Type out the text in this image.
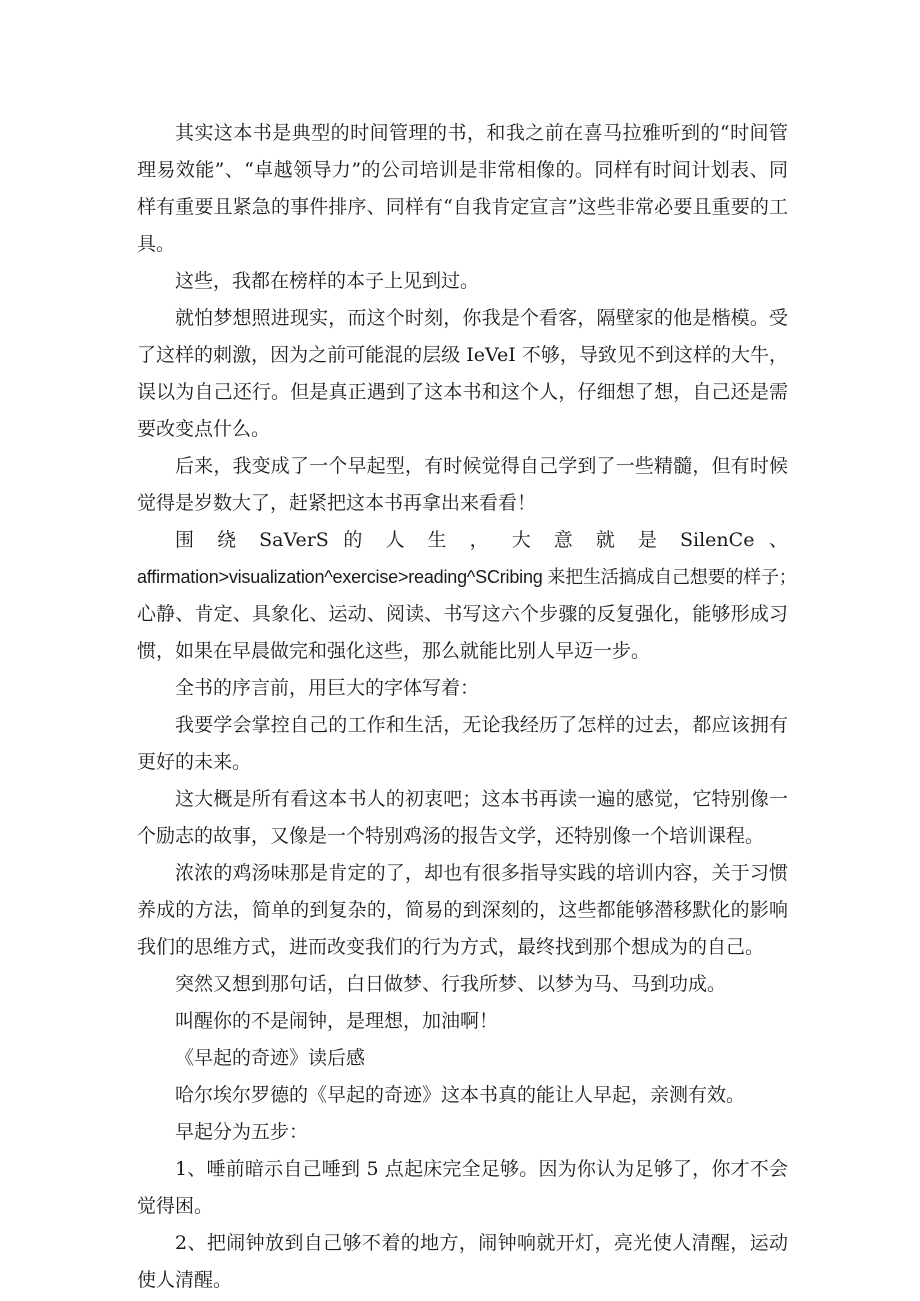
其实这本书是典型的时间管理的书，和我之前在喜马拉雅听到的“时间管理易效能”、“卓越领导力”的公司培训是非常相像的。同样有时间计划表、同样有重要且紧急的事件排序、同样有“自我肯定宣言”这些非常必要且重要的工具。

这些，我都在榜样的本子上见到过。

就怕梦想照进现实，而这个时刻，你我是个看客，隔壁家的他是楷模。受了这样的刺激，因为之前可能混的层级 IeVeI 不够，导致见不到这样的大牛，误以为自己还行。但是真正遇到了这本书和这个人，仔细想了想，自己还是需要改变点什么。

后来，我变成了一个早起型，有时候觉得自己学到了一些精髓，但有时候觉得是岁数大了，赶紧把这本书再拿出来看看！

围 绕 SaVerS 的 人 生 ， 大 意 就 是 SilenCe 、

affirmation>visualization^exercise>reading^SCribing 来把生活搞成自己想要的样子；

心静、肯定、具象化、运动、阅读、书写这六个步骤的反复强化，能够形成习惯，如果在早晨做完和强化这些，那么就能比别人早迈一步。

全书的序言前，用巨大的字体写着：

我要学会掌控自己的工作和生活，无论我经历了怎样的过去，都应该拥有更好的未来。

这大概是所有看这本书人的初衷吧；这本书再读一遍的感觉，它特别像一个励志的故事，又像是一个特别鸡汤的报告文学，还特别像一个培训课程。

浓浓的鸡汤味那是肯定的了，却也有很多指导实践的培训内容，关于习惯养成的方法，简单的到复杂的，简易的到深刻的，这些都能够潜移默化的影响我们的思维方式，进而改变我们的行为方式，最终找到那个想成为的自己。

突然又想到那句话，白日做梦、行我所梦、以梦为马、马到功成。

叫醒你的不是闹钟，是理想，加油啊！

《早起的奇迹》读后感

哈尔埃尔罗德的《早起的奇迹》这本书真的能让人早起，亲测有效。

早起分为五步：

1、唾前暗示自己唾到 5 点起床完全足够。因为你认为足够了，你才不会觉得困。

2、把闹钟放到自己够不着的地方，闹钟响就开灯，亮光使人清醒，运动使人清醒。
